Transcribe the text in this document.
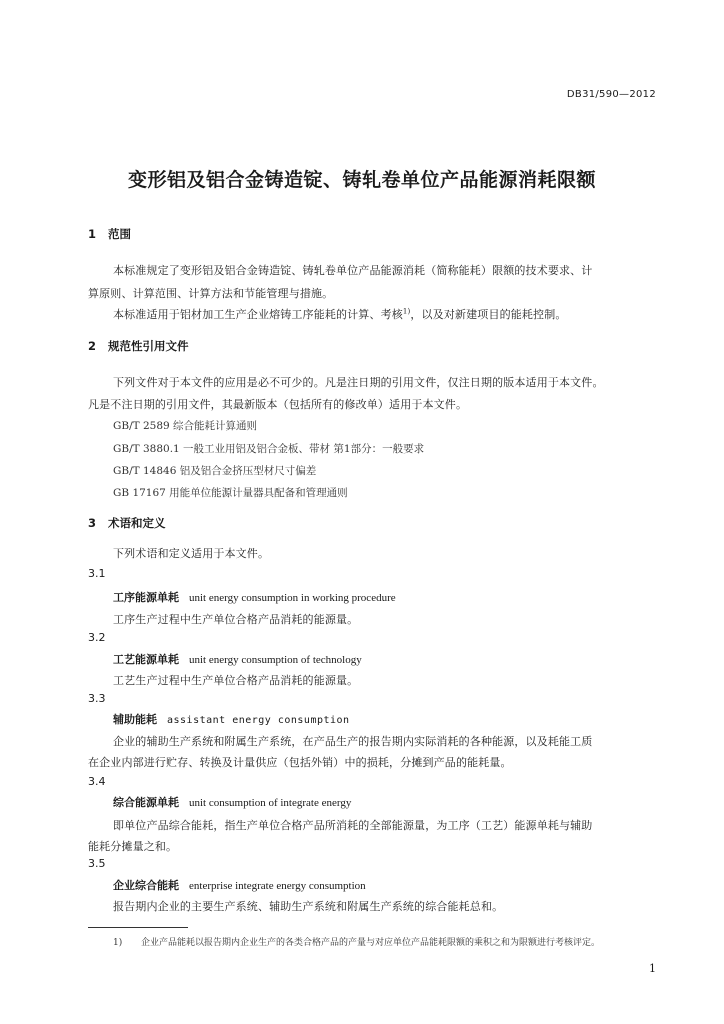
DB31/590—2012
变形铝及铝合金铸造锭、铸轧卷单位产品能源消耗限额
1 范围
本标准规定了变形铝及铝合金铸造锭、铸轧卷单位产品能源消耗（简称能耗）限额的技术要求、计
算原则、计算范围、计算方法和节能管理与措施。
本标准适用于铝材加工生产企业熔铸工序能耗的计算、考核$^{1)}$，以及对新建项目的能耗控制。
2 规范性引用文件
下列文件对于本文件的应用是必不可少的。凡是注日期的引用文件，仅注日期的版本适用于本文件。
凡是不注日期的引用文件，其最新版本（包括所有的修改单）适用于本文件。
GB/T 2589 综合能耗计算通则
GB/T 3880.1 一般工业用铝及铝合金板、带材 第1部分：一般要求
GB/T 14846 铝及铝合金挤压型材尺寸偏差
GB 17167 用能单位能源计量器具配备和管理通则
3 术语和定义
下列术语和定义适用于本文件。
3.1
工序能源单耗 unit energy consumption in working procedure
工序生产过程中生产单位合格产品消耗的能源量。
3.2
工艺能源单耗 unit energy consumption of technology
工艺生产过程中生产单位合格产品消耗的能源量。
3.3
辅助能耗 assistant energy consumption
企业的辅助生产系统和附属生产系统，在产品生产的报告期内实际消耗的各种能源，以及耗能工质
在企业内部进行贮存、转换及计量供应（包括外销）中的损耗，分摊到产品的能耗量。
3.4
综合能源单耗 unit consumption of integrate energy
即单位产品综合能耗，指生产单位合格产品所消耗的全部能源量，为工序（工艺）能源单耗与辅助
能耗分摊量之和。
3.5
企业综合能耗 enterprise integrate energy consumption
报告期内企业的主要生产系统、辅助生产系统和附属生产系统的综合能耗总和。
1) 企业产品能耗以报告期内企业生产的各类合格产品的产量与对应单位产品能耗限额的乘积之和为限额进行考核评定。
1
